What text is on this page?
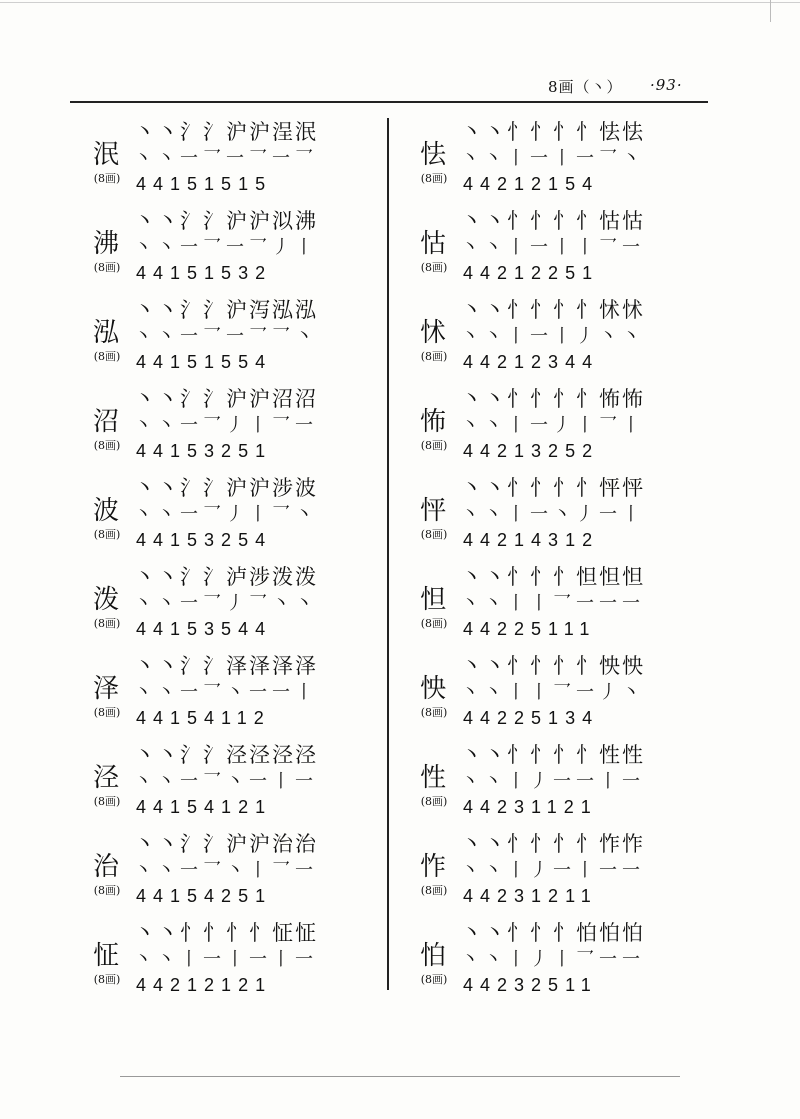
8画（丶） ·93·
丶丶氵氵沪沪浧泯
泯 丶丶一乛一乛一乛
(8画) 44151515
丶丶氵氵沪沪泤沸
沸 丶丶一乛一乛丿丨
(8画) 44151532
丶丶氵氵沪泻泓泓
泓 丶丶一乛一乛乛丶
(8画) 44151554
丶丶氵氵沪沪沼沼
沼 丶丶一乛丿丨乛一
(8画) 44153251
丶丶氵氵沪沪涉波
波 丶丶一乛丿丨乛丶
(8画) 44153254
丶丶氵氵泸涉泼泼
泼 丶丶一乛丿乛丶丶
(8画) 44153544
丶丶氵氵泽泽泽泽
泽 丶丶一乛丶一一丨
(8画) 44154112
丶丶氵氵泾泾泾泾
泾 丶丶一乛丶一丨一
(8画) 44154121
丶丶氵氵沪沪治治
治 丶丶一乛丶丨乛一
(8画) 44154251
丶丶忄忄忄忄怔怔
怔 丶丶丨一丨一丨一
(8画) 44212121
丶丶忄忄忄忄怯怯
怯 丶丶丨一丨一乛丶
(8画) 44212154
丶丶忄忄忄忄怙怙
怙 丶丶丨一丨丨乛一
(8画) 44212251
丶丶忄忄忄忄怵怵
怵 丶丶丨一丨丿丶丶
(8画) 44212344
丶丶忄忄忄忄怖怖
怖 丶丶丨一丿丨乛丨
(8画) 44213252
丶丶忄忄忄忄怦怦
怦 丶丶丨一丶丿一丨
(8画) 44214312
丶丶忄忄忄怛怛怛
怛 丶丶丨丨乛一一一
(8画) 44225111
丶丶忄忄忄忄怏怏
怏 丶丶丨丨乛一丿丶
(8画) 44225134
丶丶忄忄忄忄性性
性 丶丶丨丿一一丨一
(8画) 44231121
丶丶忄忄忄忄怍怍
怍 丶丶丨丿一丨一一
(8画) 44231211
丶丶忄忄忄怕怕怕
怕 丶丶丨丿丨乛一一
(8画) 44232511
